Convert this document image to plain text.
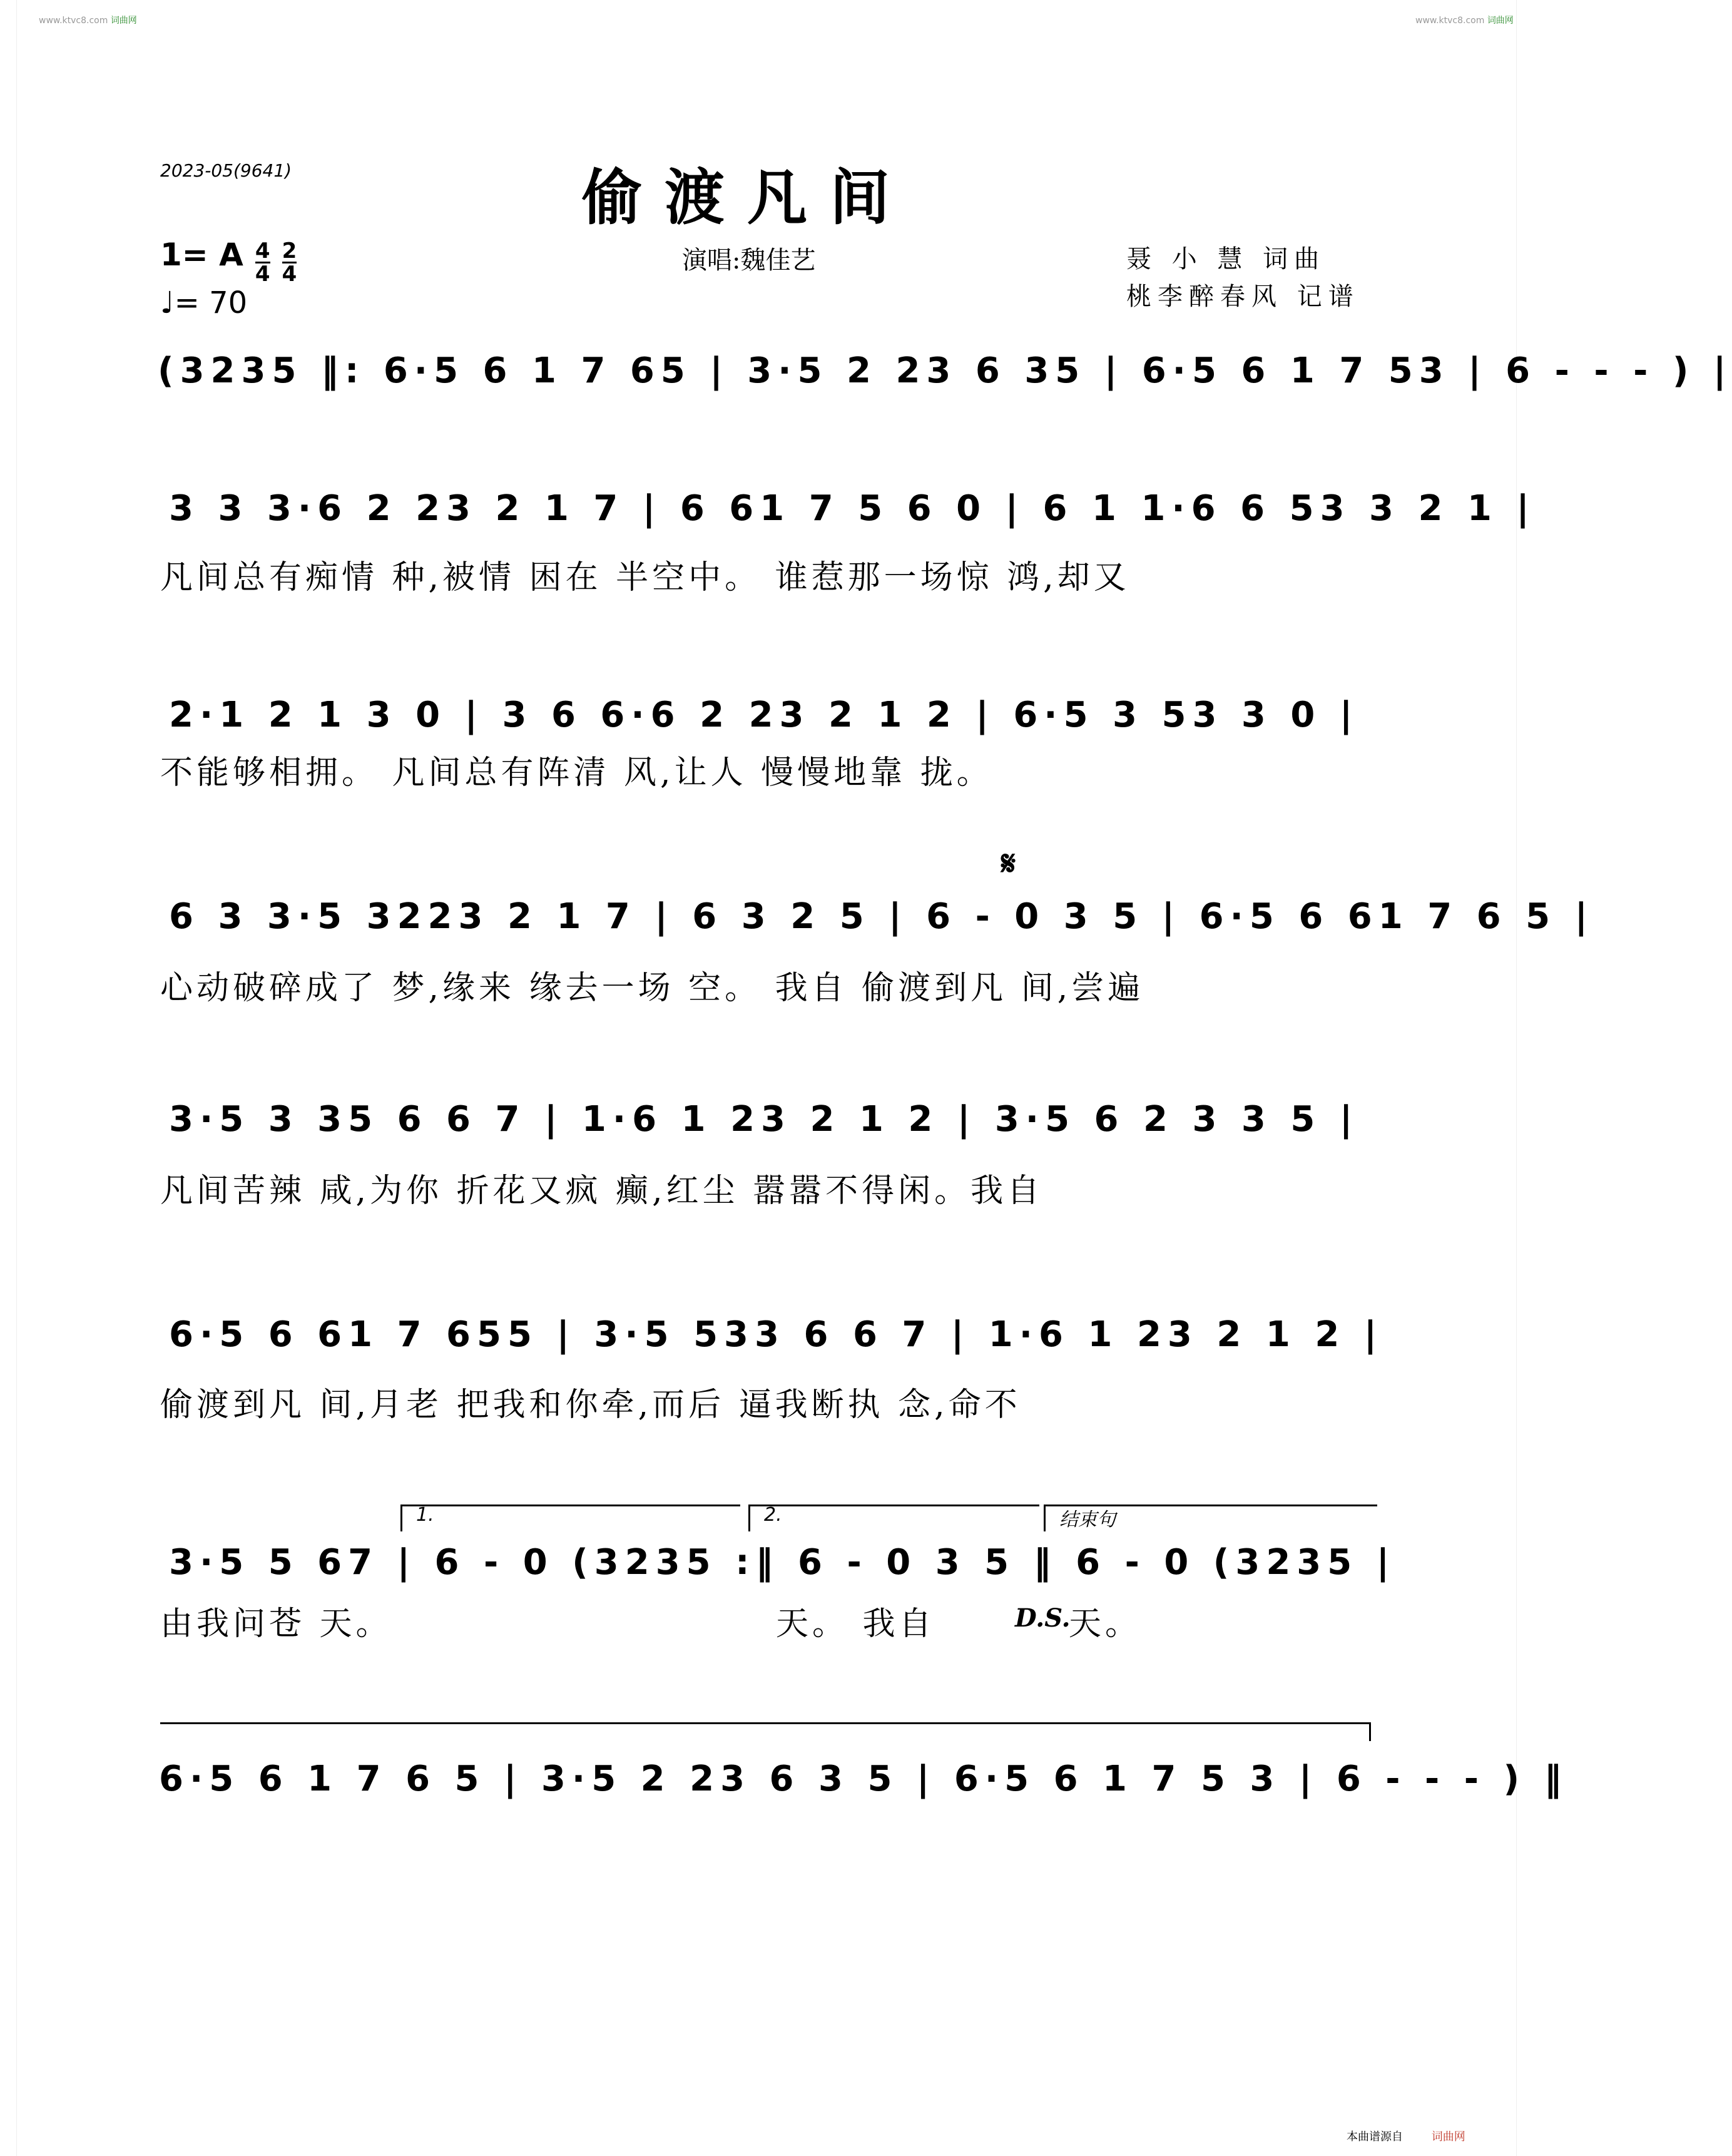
www.ktvc8.com 词曲网	www.ktvc8.com 词曲网
2023-05(9641)	偷渡凡间
1= A $\frac{4}{4}$
$\frac{2}{4}$
♩= 70
演唱:魏佳艺	聂 小 慧 词曲
桃李醉春风 记谱
(3235 ‖: 6·5 6 1 7 65 | 3·5 2 23 6 35 | 6·5 6 1 7 53 | 6 - - - ) |
3 3 3·6 2 23 2 1 7 | 6 61 7 5 6 0 | 6 1 1·6 6 53 3 2 1 |
凡间总有痴情 种,被情 困在 半空中。 谁惹那一场惊 鸿,却又
2·1 2 1 3 0 | 3 6 6·6 2 23 2 1 2 | 6·5 3 53 3 0 |
不能够相拥。 凡间总有阵清 风,让人 慢慢地靠 拢。
𝄋
6 3 3·5 3223 2 1 7 | 6 3 2 5 | 6 - 0 3 5 | 6·5 6 61 7 6 5 |
心动破碎成了 梦,缘来 缘去一场 空。 我自 偷渡到凡 间,尝遍
3·5 3 35 6 6 7 | 1·6 1 23 2 1 2 | 3·5 6 2 3 3 5 |
凡间苦辣 咸,为你 折花又疯 癫,红尘 嚣嚣不得闲。我自
6·5 6 61 7 655 | 3·5 533 6 6 7 | 1·6 1 23 2 1 2 |
偷渡到凡 间,月老 把我和你牵,而后 逼我断执 念,命不
1.	2.	结束句
3·5 5 67 | 6 - 0 (3235 :‖ 6 - 0 3 5 ‖ 6 - 0 (3235 |
由我问苍 天。	天。 我自	D.S.
天。
6·5 6 1 7 6 5 | 3·5 2 23 6 3 5 | 6·5 6 1 7 5 3 | 6 - - - ) ‖
本曲谱源自	词曲网
